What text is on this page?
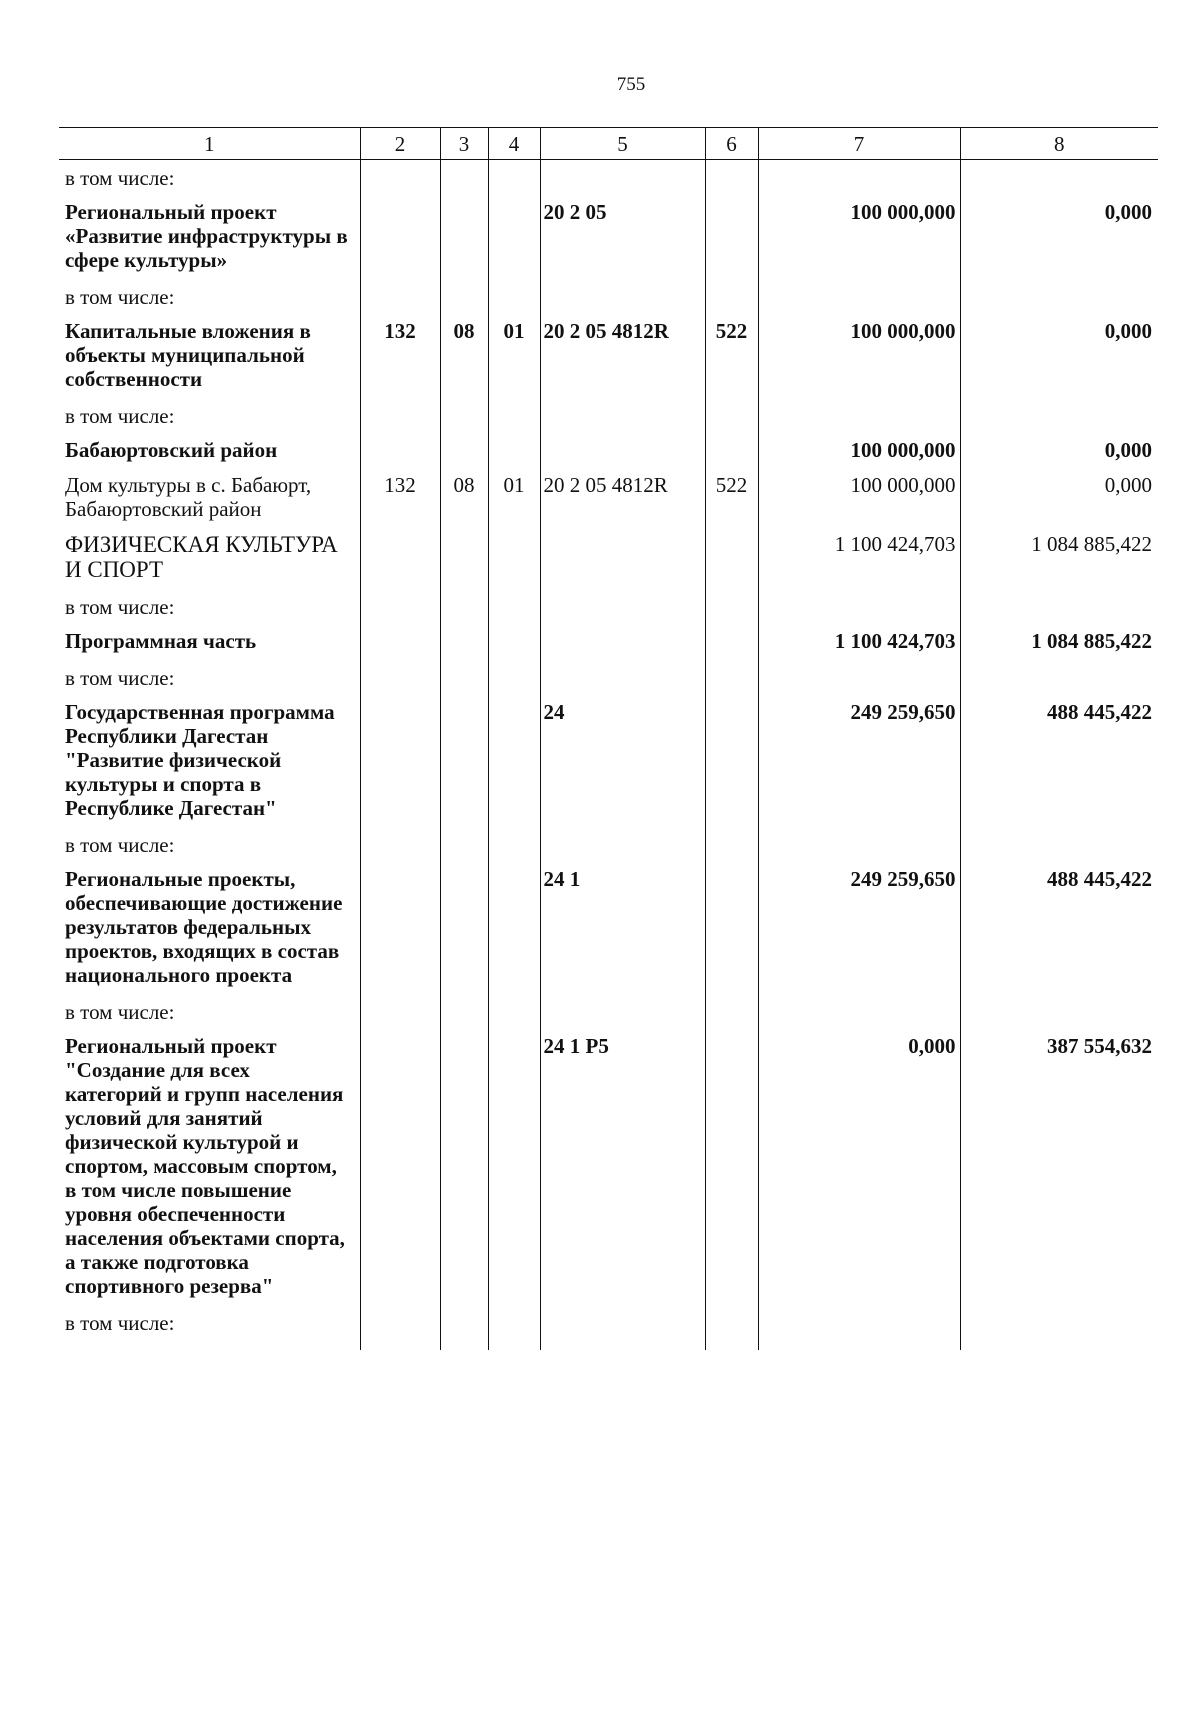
755
1	2	3	4	5	6	7	8
в том числе:							
Региональный проект «Развитие инфраструктуры в сфере культуры»				20 2 05		100 000,000	0,000
в том числе:							
Капитальные вложения в объекты муниципальной собственности	132	08	01	20 2 05 4812R	522	100 000,000	0,000
в том числе:							
Бабаюртовский район						100 000,000	0,000
Дом культуры в с. Бабаюрт, Бабаюртовский район	132	08	01	20 2 05 4812R	522	100 000,000	0,000
ФИЗИЧЕСКАЯ КУЛЬТУРА И СПОРТ						1 100 424,703	1 084 885,422
в том числе:							
Программная часть						1 100 424,703	1 084 885,422
в том числе:							
Государственная программа Республики Дагестан "Развитие физической культуры и спорта в Республике Дагестан"				24		249 259,650	488 445,422
в том числе:							
Региональные проекты, обеспечивающие достижение результатов федеральных проектов, входящих в состав национального проекта				24 1		249 259,650	488 445,422
в том числе:							
Региональный проект "Создание для всех категорий и групп населения условий для занятий физической культурой и спортом, массовым спортом, в том числе повышение уровня обеспеченности населения объектами спорта, а также подготовка спортивного резерва"				24 1 P5		0,000	387 554,632
в том числе:							
